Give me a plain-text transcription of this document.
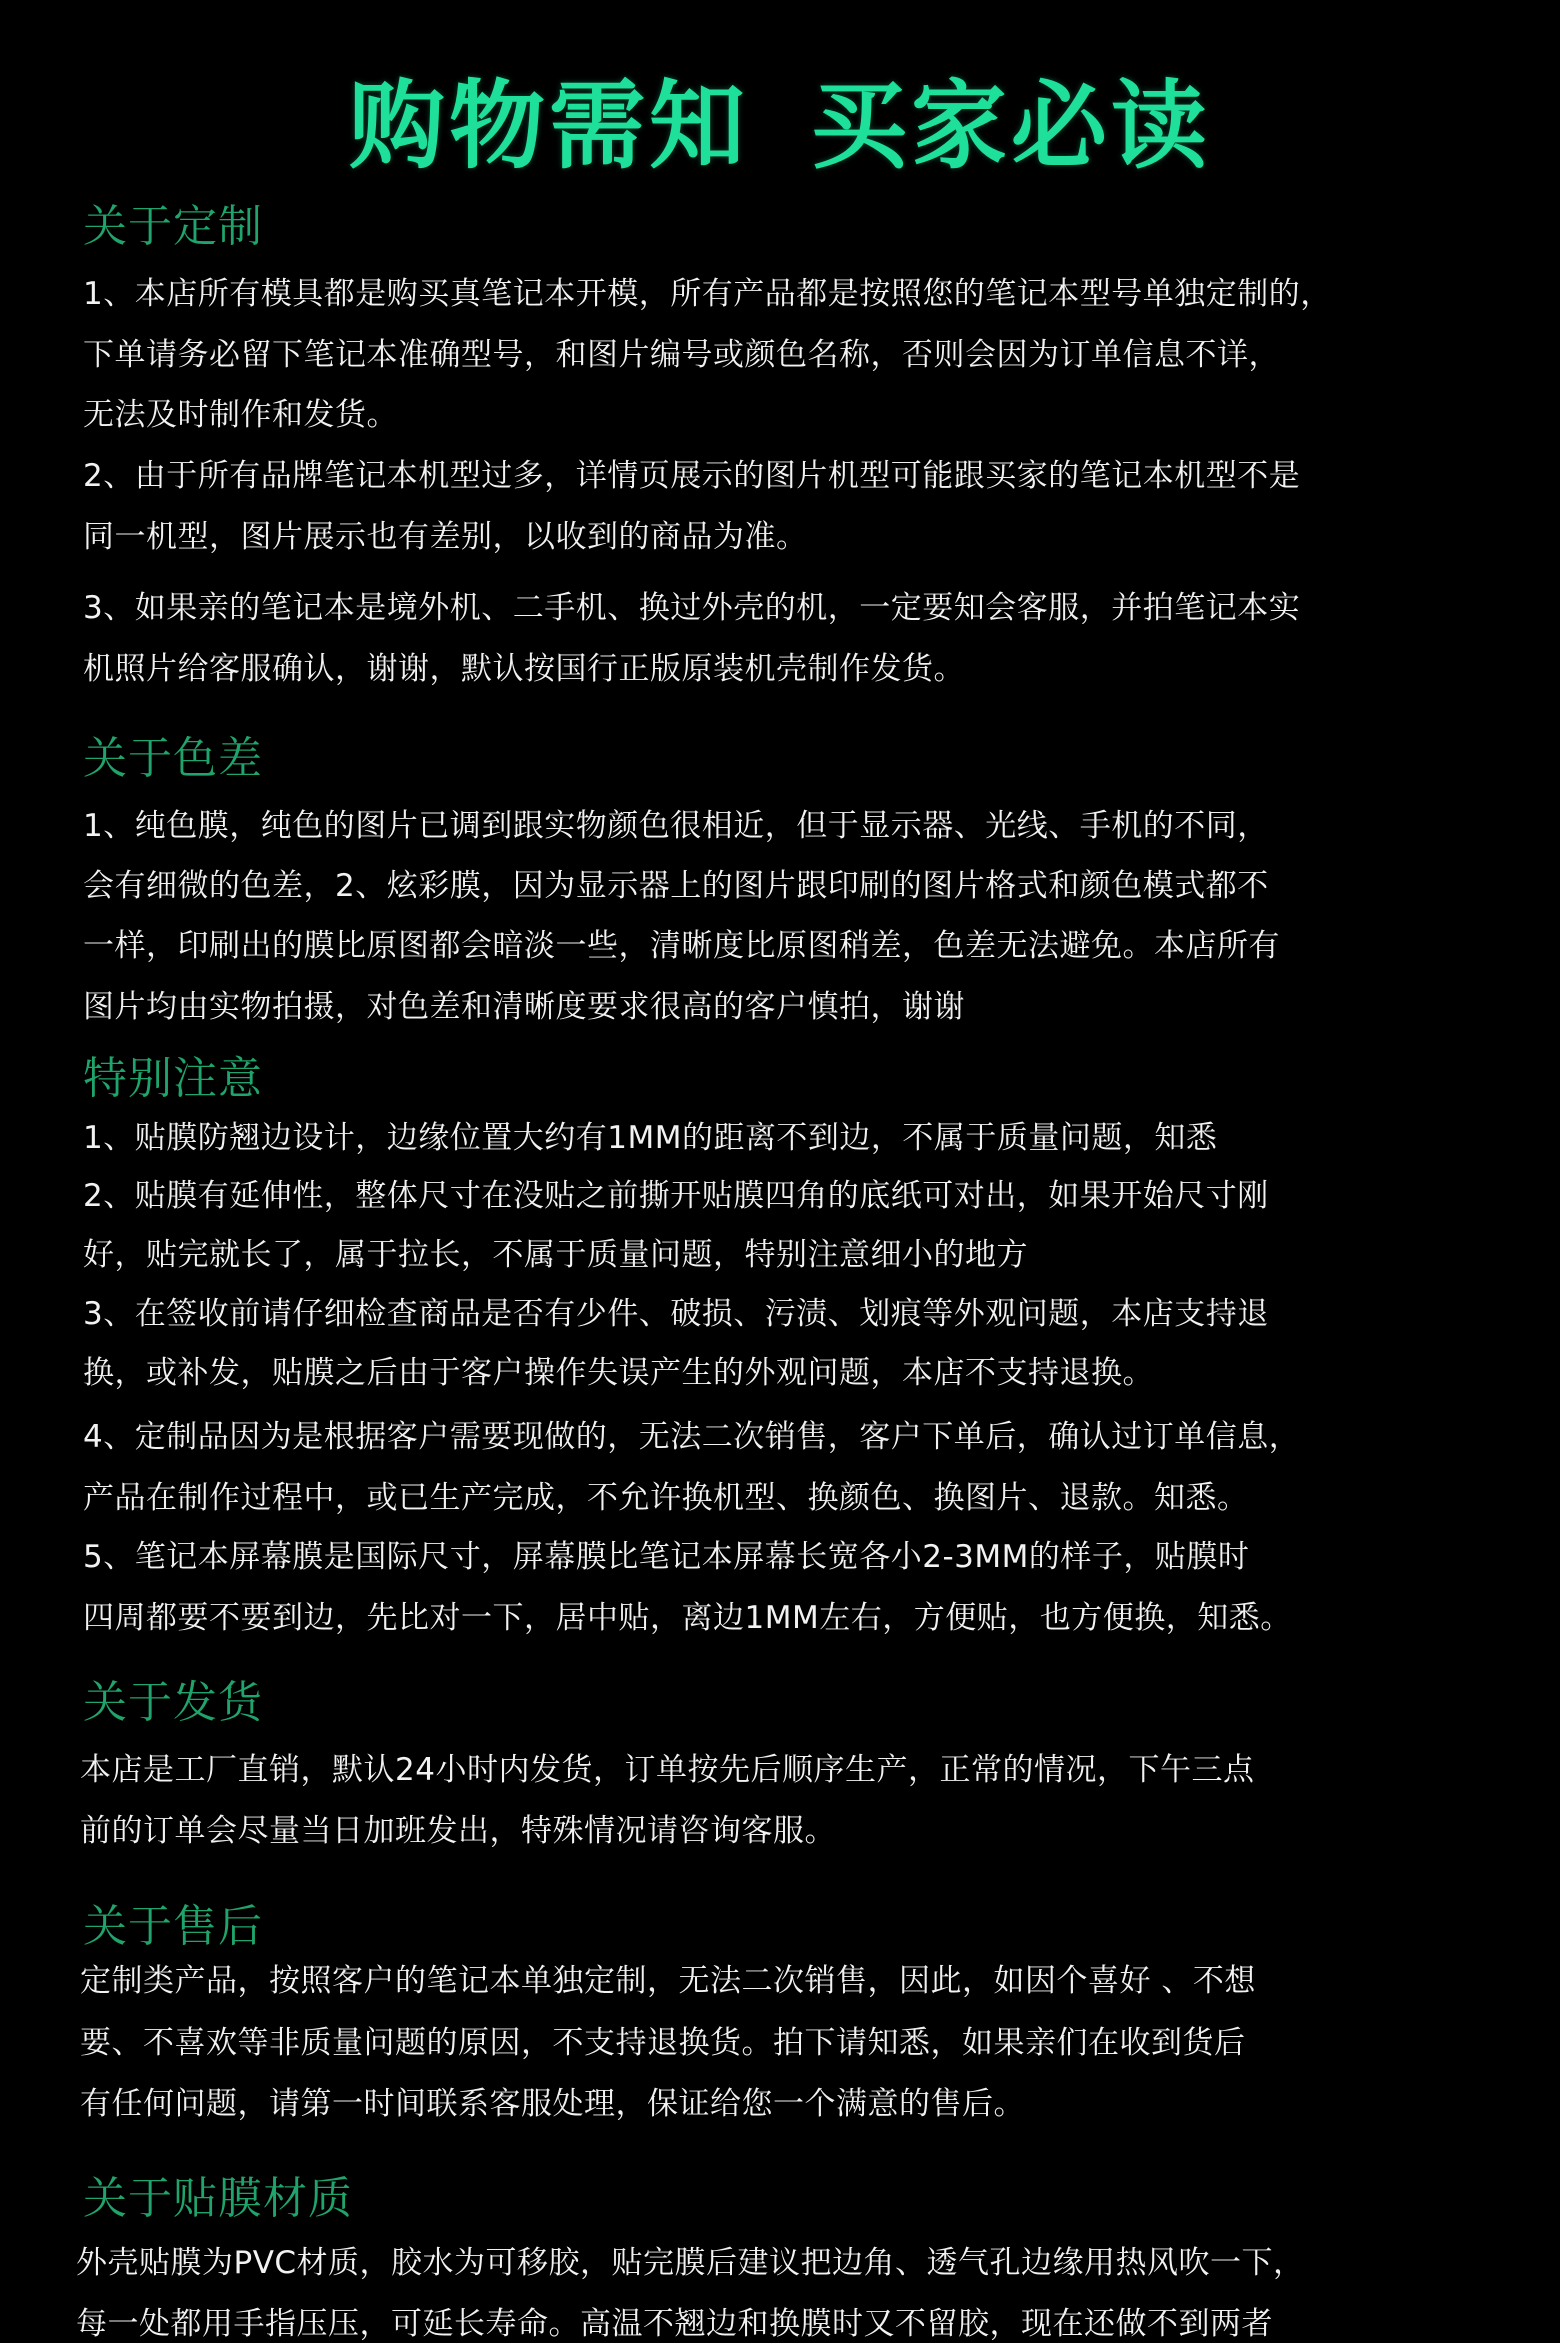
购物需知 买家必读
关于定制
1、本店所有模具都是购买真笔记本开模，所有产品都是按照您的笔记本型号单独定制的，
下单请务必留下笔记本准确型号，和图片编号或颜色名称，否则会因为订单信息不详，
无法及时制作和发货。
2、由于所有品牌笔记本机型过多，详情页展示的图片机型可能跟买家的笔记本机型不是
同一机型，图片展示也有差别，以收到的商品为准。
3、如果亲的笔记本是境外机、二手机、换过外壳的机，一定要知会客服，并拍笔记本实
机照片给客服确认，谢谢，默认按国行正版原装机壳制作发货。
关于色差
1、纯色膜，纯色的图片已调到跟实物颜色很相近，但于显示器、光线、手机的不同，
会有细微的色差，2、炫彩膜，因为显示器上的图片跟印刷的图片格式和颜色模式都不
一样，印刷出的膜比原图都会暗淡一些，清晰度比原图稍差，色差无法避免。本店所有
图片均由实物拍摄，对色差和清晰度要求很高的客户慎拍，谢谢
特别注意
1、贴膜防翘边设计，边缘位置大约有1MM的距离不到边，不属于质量问题，知悉
2、贴膜有延伸性，整体尺寸在没贴之前撕开贴膜四角的底纸可对出，如果开始尺寸刚
好，贴完就长了，属于拉长，不属于质量问题，特别注意细小的地方
3、在签收前请仔细检查商品是否有少件、破损、污渍、划痕等外观问题，本店支持退
换，或补发，贴膜之后由于客户操作失误产生的外观问题，本店不支持退换。
4、定制品因为是根据客户需要现做的，无法二次销售，客户下单后，确认过订单信息，
产品在制作过程中，或已生产完成，不允许换机型、换颜色、换图片、退款。知悉。
5、笔记本屏幕膜是国际尺寸，屏幕膜比笔记本屏幕长宽各小2-3MM的样子，贴膜时
四周都要不要到边，先比对一下，居中贴，离边1MM左右，方便贴，也方便换，知悉。
关于发货
本店是工厂直销，默认24小时内发货，订单按先后顺序生产，正常的情况，下午三点
前的订单会尽量当日加班发出，特殊情况请咨询客服。
关于售后
定制类产品，按照客户的笔记本单独定制，无法二次销售，因此，如因个喜好 、不想
要、不喜欢等非质量问题的原因，不支持退换货。拍下请知悉，如果亲们在收到货后
有任何问题，请第一时间联系客服处理，保证给您一个满意的售后。
关于贴膜材质
外壳贴膜为PVC材质，胶水为可移胶，贴完膜后建议把边角、透气孔边缘用热风吹一下，
每一处都用手指压压，可延长寿命。高温不翘边和换膜时又不留胶，现在还做不到两者
